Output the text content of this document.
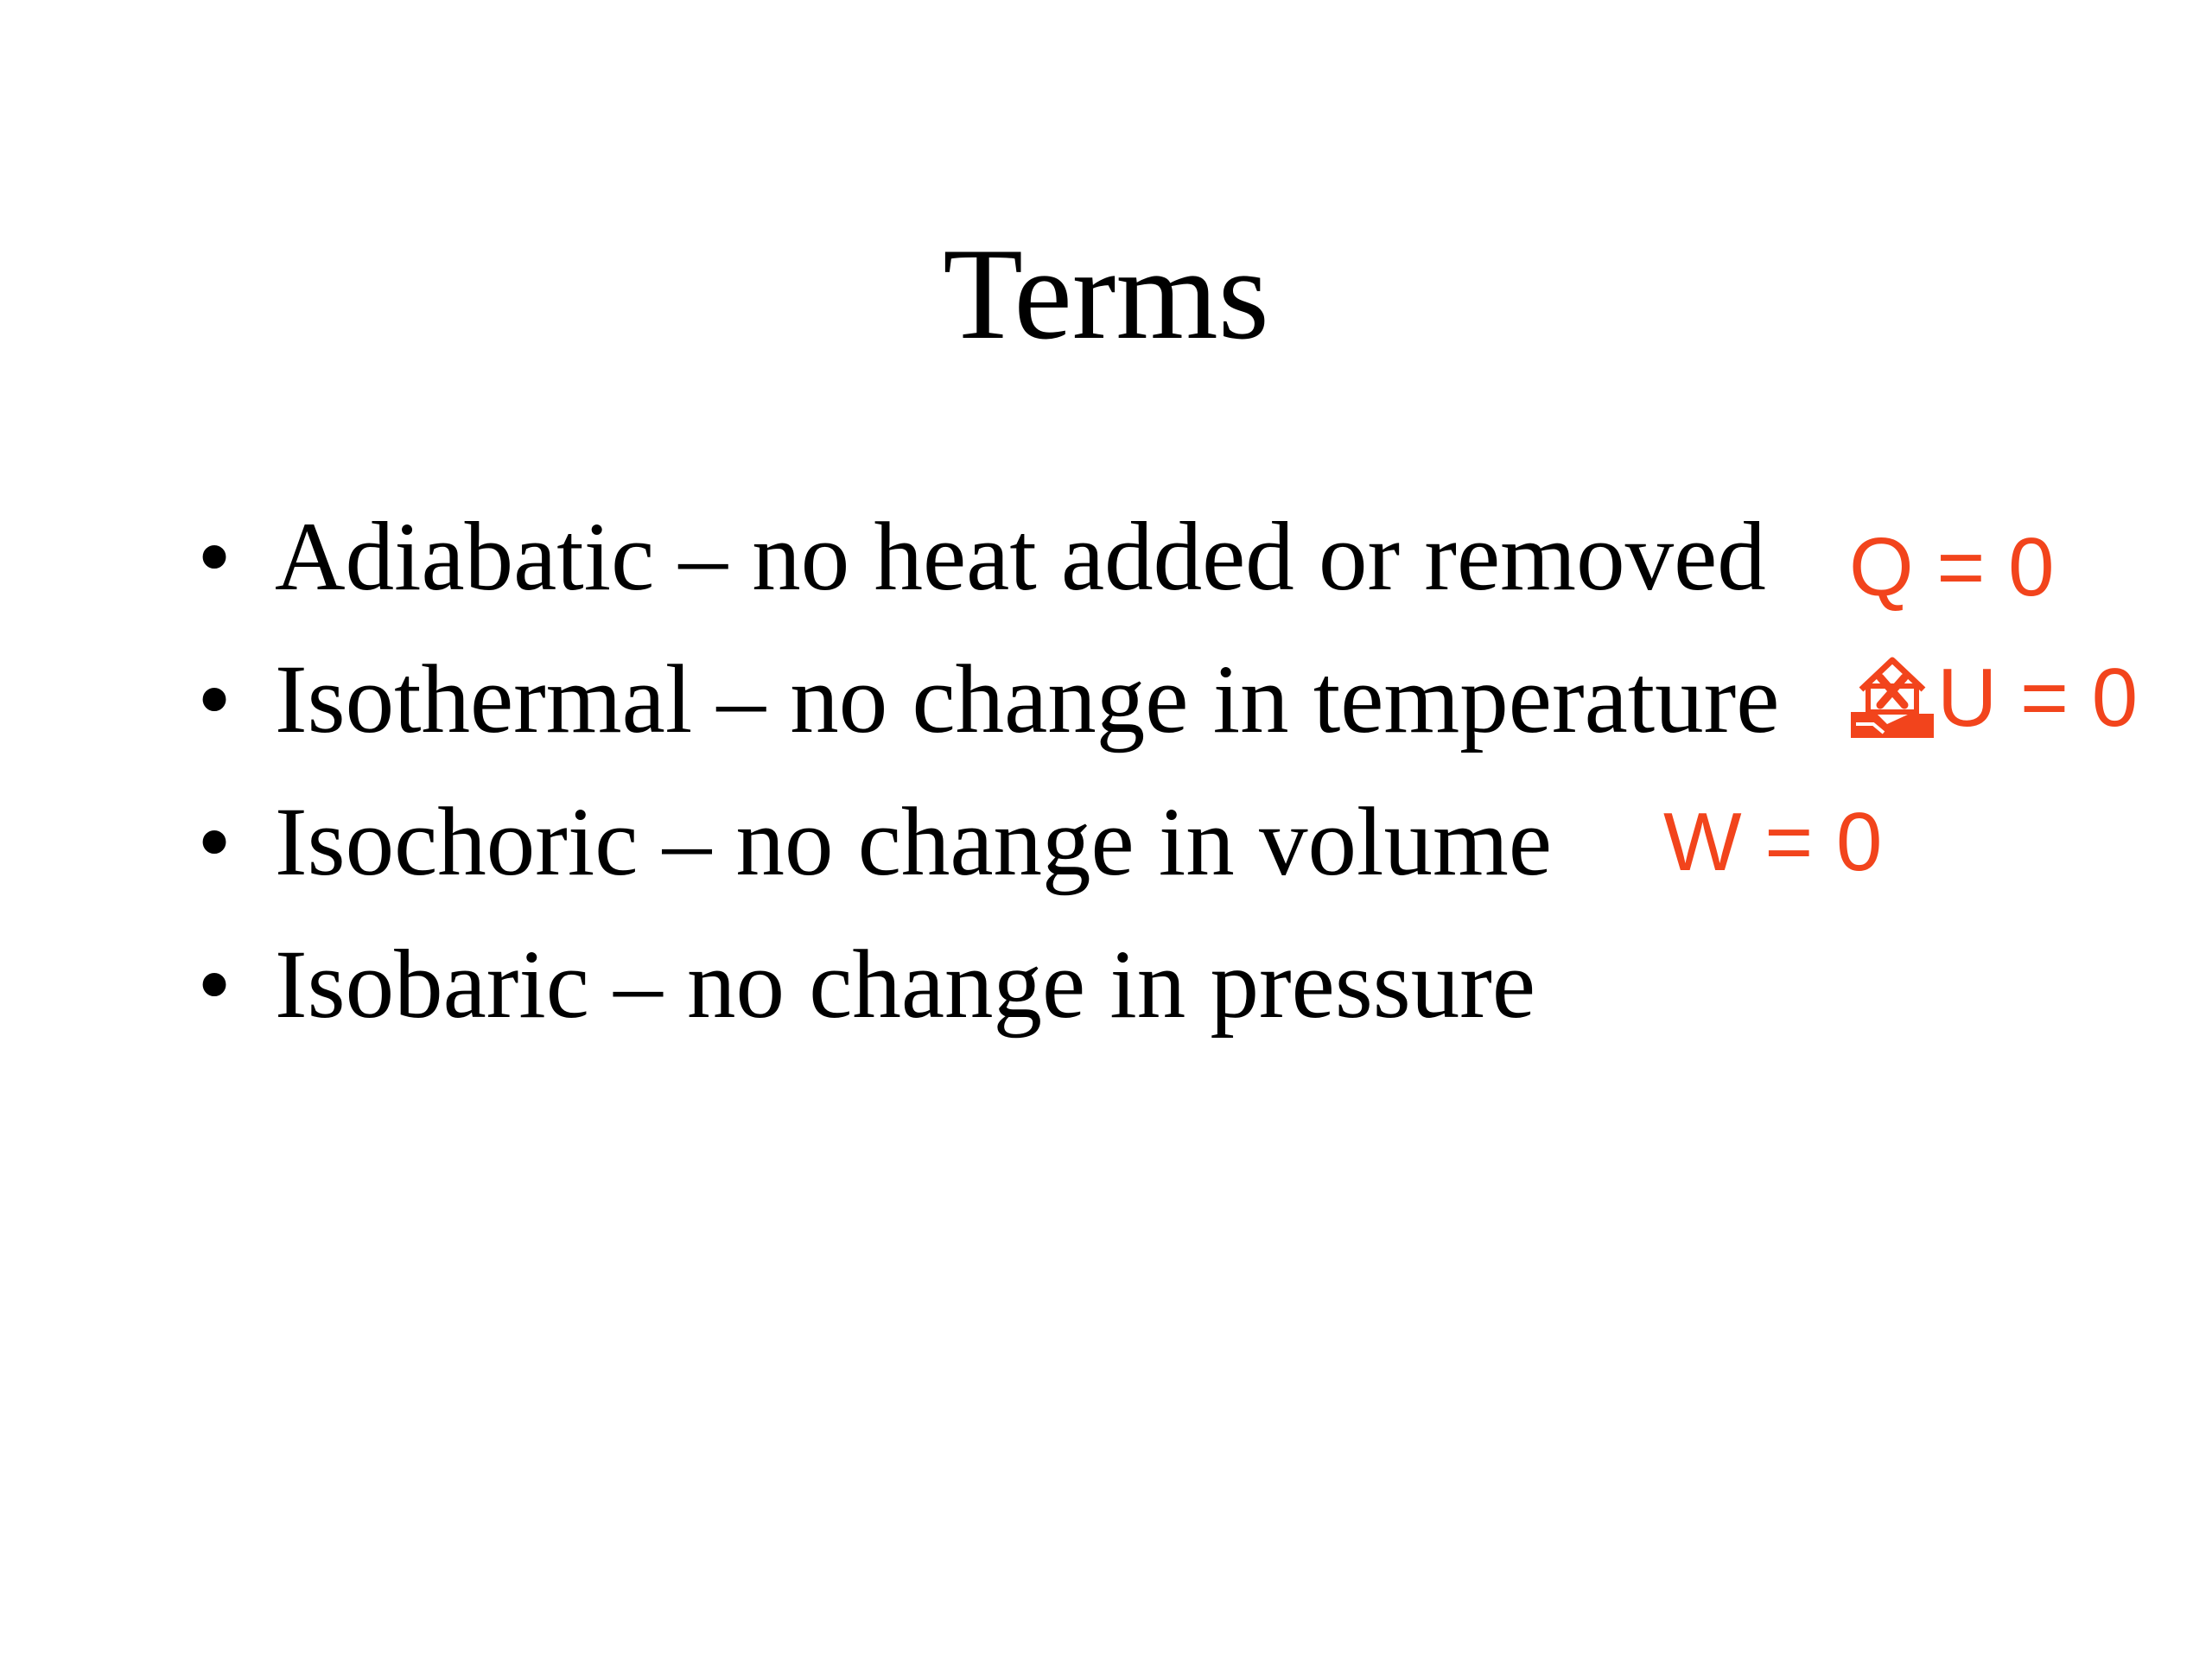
Terms
• Adiabatic – no heat added or removed
• Isothermal – no change in temperature
• Isochoric – no change in volume
• Isobaric – no change in pressure
Q = 0
U = 0
W = 0
